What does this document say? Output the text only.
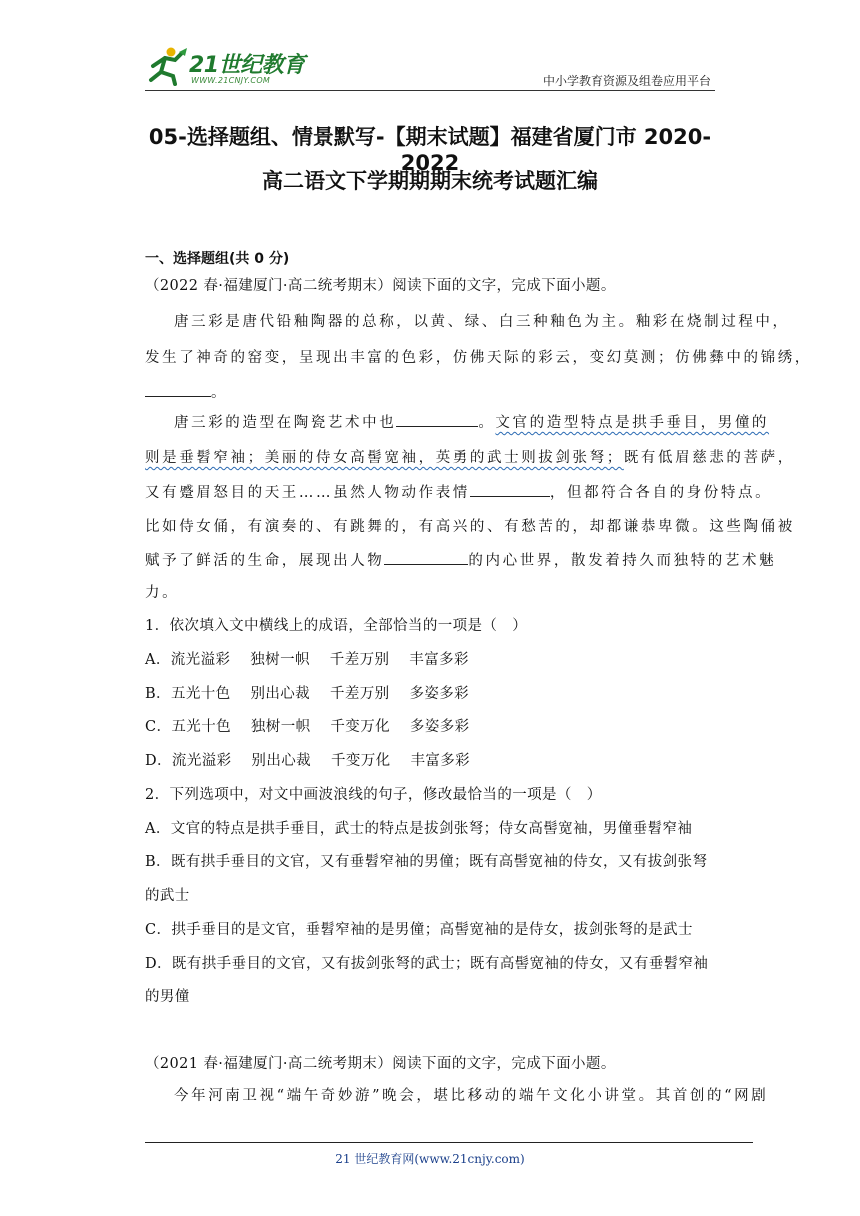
21世纪教育
WWW.21CNJY.COM	中小学教育资源及组卷应用平台
05-选择题组、情景默写-【期末试题】福建省厦门市 2020-2022
高二语文下学期期期末统考试题汇编
一、选择题组(共 0 分)
（2022 春·福建厦门·高二统考期末）阅读下面的文字，完成下面小题。
唐三彩是唐代铅釉陶器的总称，以黄、绿、白三种釉色为主。釉彩在烧制过程中，
发生了神奇的窑变，呈现出丰富的色彩，仿佛天际的彩云，变幻莫测；仿佛彝中的锦绣，
。
唐三彩的造型在陶瓷艺术中也	。文官的造型特点是拱手垂目，男僮的
则是垂髫窄袖；美丽的侍女高髻宽袖，英勇的武士则拔剑张弩；既有低眉慈悲的菩萨，
又有蹙眉怒目的天王……虽然人物动作表情	，但都符合各自的身份特点。
比如侍女俑，有演奏的、有跳舞的，有高兴的、有愁苦的，却都谦恭卑微。这些陶俑被
赋予了鲜活的生命，展现出人物	的内心世界，散发着持久而独特的艺术魅
力。
1．依次填入文中横线上的成语，全部恰当的一项是（　）
A．流光溢彩　 独树一帜　 千差万别　 丰富多彩
B．五光十色　 别出心裁　 千差万别　 多姿多彩
C．五光十色　 独树一帜　 千变万化　 多姿多彩
D．流光溢彩　 别出心裁　 千变万化　 丰富多彩
2．下列选项中，对文中画波浪线的句子，修改最恰当的一项是（　）
A．文官的特点是拱手垂目，武士的特点是拔剑张弩；侍女高髻宽袖，男僮垂髫窄袖
B．既有拱手垂目的文官，又有垂髫窄袖的男僮；既有高髻宽袖的侍女，又有拔剑张弩
的武士
C．拱手垂目的是文官，垂髫窄袖的是男僮；高髻宽袖的是侍女，拔剑张弩的是武士
D．既有拱手垂目的文官，又有拔剑张弩的武士；既有高髻宽袖的侍女，又有垂髫窄袖
的男僮
（2021 春·福建厦门·高二统考期末）阅读下面的文字，完成下面小题。
今年河南卫视“端午奇妙游”晚会，堪比移动的端午文化小讲堂。其首创的“网剧
21 世纪教育网(www.21cnjy.com)
